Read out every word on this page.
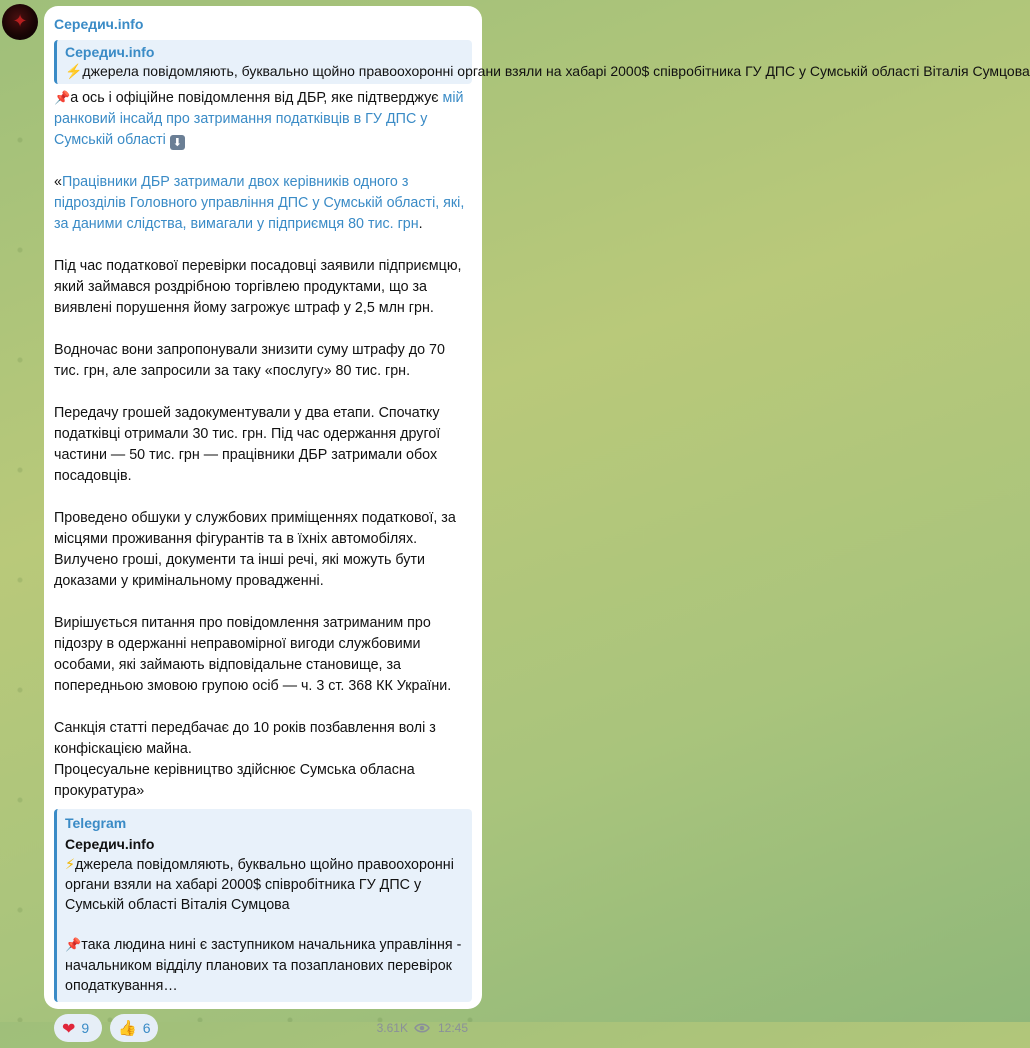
✦ Середич.info
Середич.info
⚡️джерела повідомляють, буквально щойно правоохоронні органи взяли на хабарі 2000$ співробітника ГУ ДПС у Сумській області Віталія Сумцова

📌а ось і офіційне повідомлення від ДБР, яке підтверджує мій ранковий інсайд про затримання податківців в ГУ ДПС у Сумській області ⬇

«Працівники ДБР затримали двох керівників одного з підрозділів Головного управління ДПС у Сумській області, які, за даними слідства, вимагали у підприємця 80 тис. грн.

Під час податкової перевірки посадовці заявили підприємцю, який займався роздрібною торгівлею продуктами, що за виявлені порушення йому загрожує штраф у 2,5 млн грн.

Водночас вони запропонували знизити суму штрафу до 70 тис. грн, але запросили за таку «послугу» 80 тис. грн.

Передачу грошей задокументували у два етапи. Спочатку податківці отримали 30 тис. грн. Під час одержання другої частини — 50 тис. грн — працівники ДБР затримали обох посадовців.

Проведено обшуки у службових приміщеннях податкової, за місцями проживання фігурантів та в їхніх автомобілях. Вилучено гроші, документи та інші речі, які можуть бути доказами у кримінальному провадженні.

Вирішується питання про повідомлення затриманим про підозру в одержанні неправомірної вигоди службовими особами, які займають відповідальне становище, за попередньою змовою групою осіб — ч. 3 ст. 368 КК України.

Санкція статті передбачає до 10 років позбавлення волі з конфіскацією майна.

Процесуальне керівництво здійснює Сумська обласна прокуратура»

Telegram
Середич.info
⚡джерела повідомляють, буквально щойно правоохоронні органи взяли на хабарі 2000$ співробітника ГУ ДПС у Сумській області Віталія Сумцова
📌така людина нині є заступником начальника управління - начальником відділу планових та позапланових перевірок оподаткування…
❤ 9 👍 6	3.61K	12:45
